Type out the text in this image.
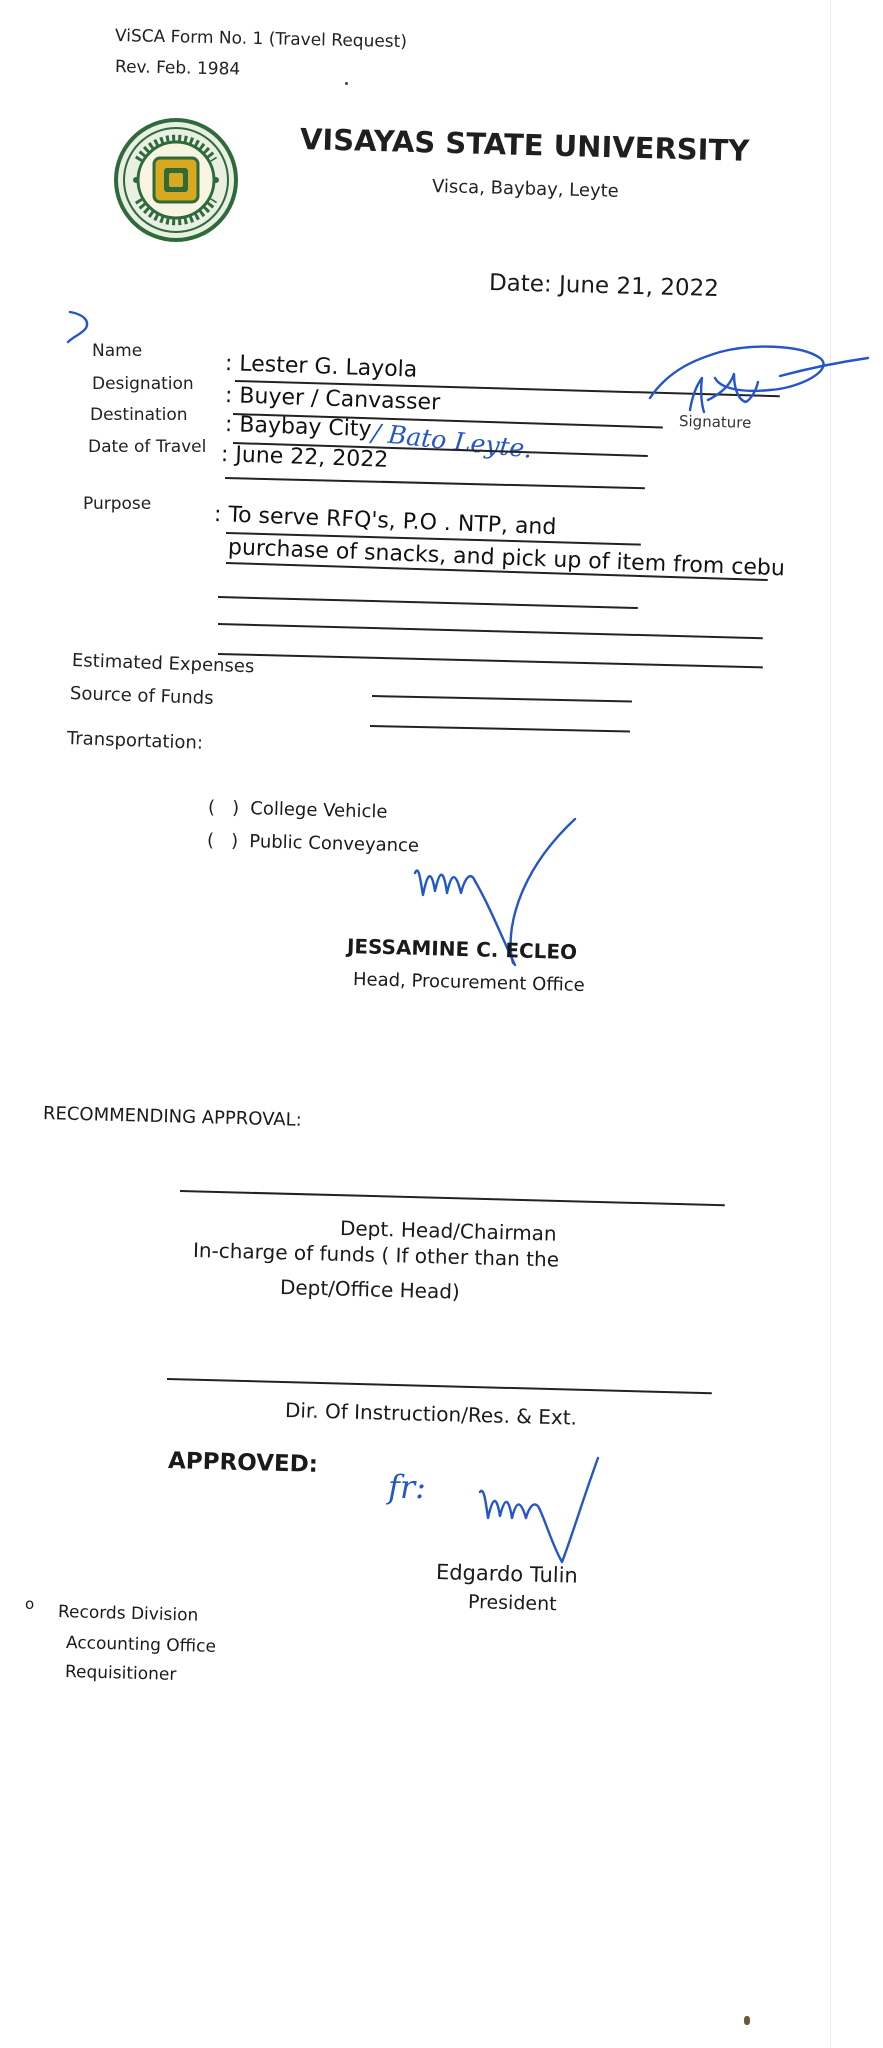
ViSCA Form No. 1 (Travel Request)
Rev. Feb. 1984
VISAYAS STATE UNIVERSITY
Visca, Baybay, Leyte
Date: June 21, 2022
Name
: Lester G. Layola
Designation : Buyer / Canvasser
Destination : Baybay City
/ Bato Leyte.
Date of Travel : June 22, 2022
Signature
Purpose	: To serve RFQ's, P.O . NTP, and
purchase of snacks, and pick up of item from cebu
Estimated Expenses
Source of Funds
Transportation:
(   ) College Vehicle
(   ) Public Conveyance
JESSAMINE C. ECLEO
Head, Procurement Office
RECOMMENDING APPROVAL:
Dept. Head/Chairman
In-charge of funds ( If other than the
Dept/Office Head)
Dir. Of Instruction/Res. & Ext.
APPROVED:
fr:
Edgardo Tulin
President
o Records Division
Accounting Office
Requisitioner
